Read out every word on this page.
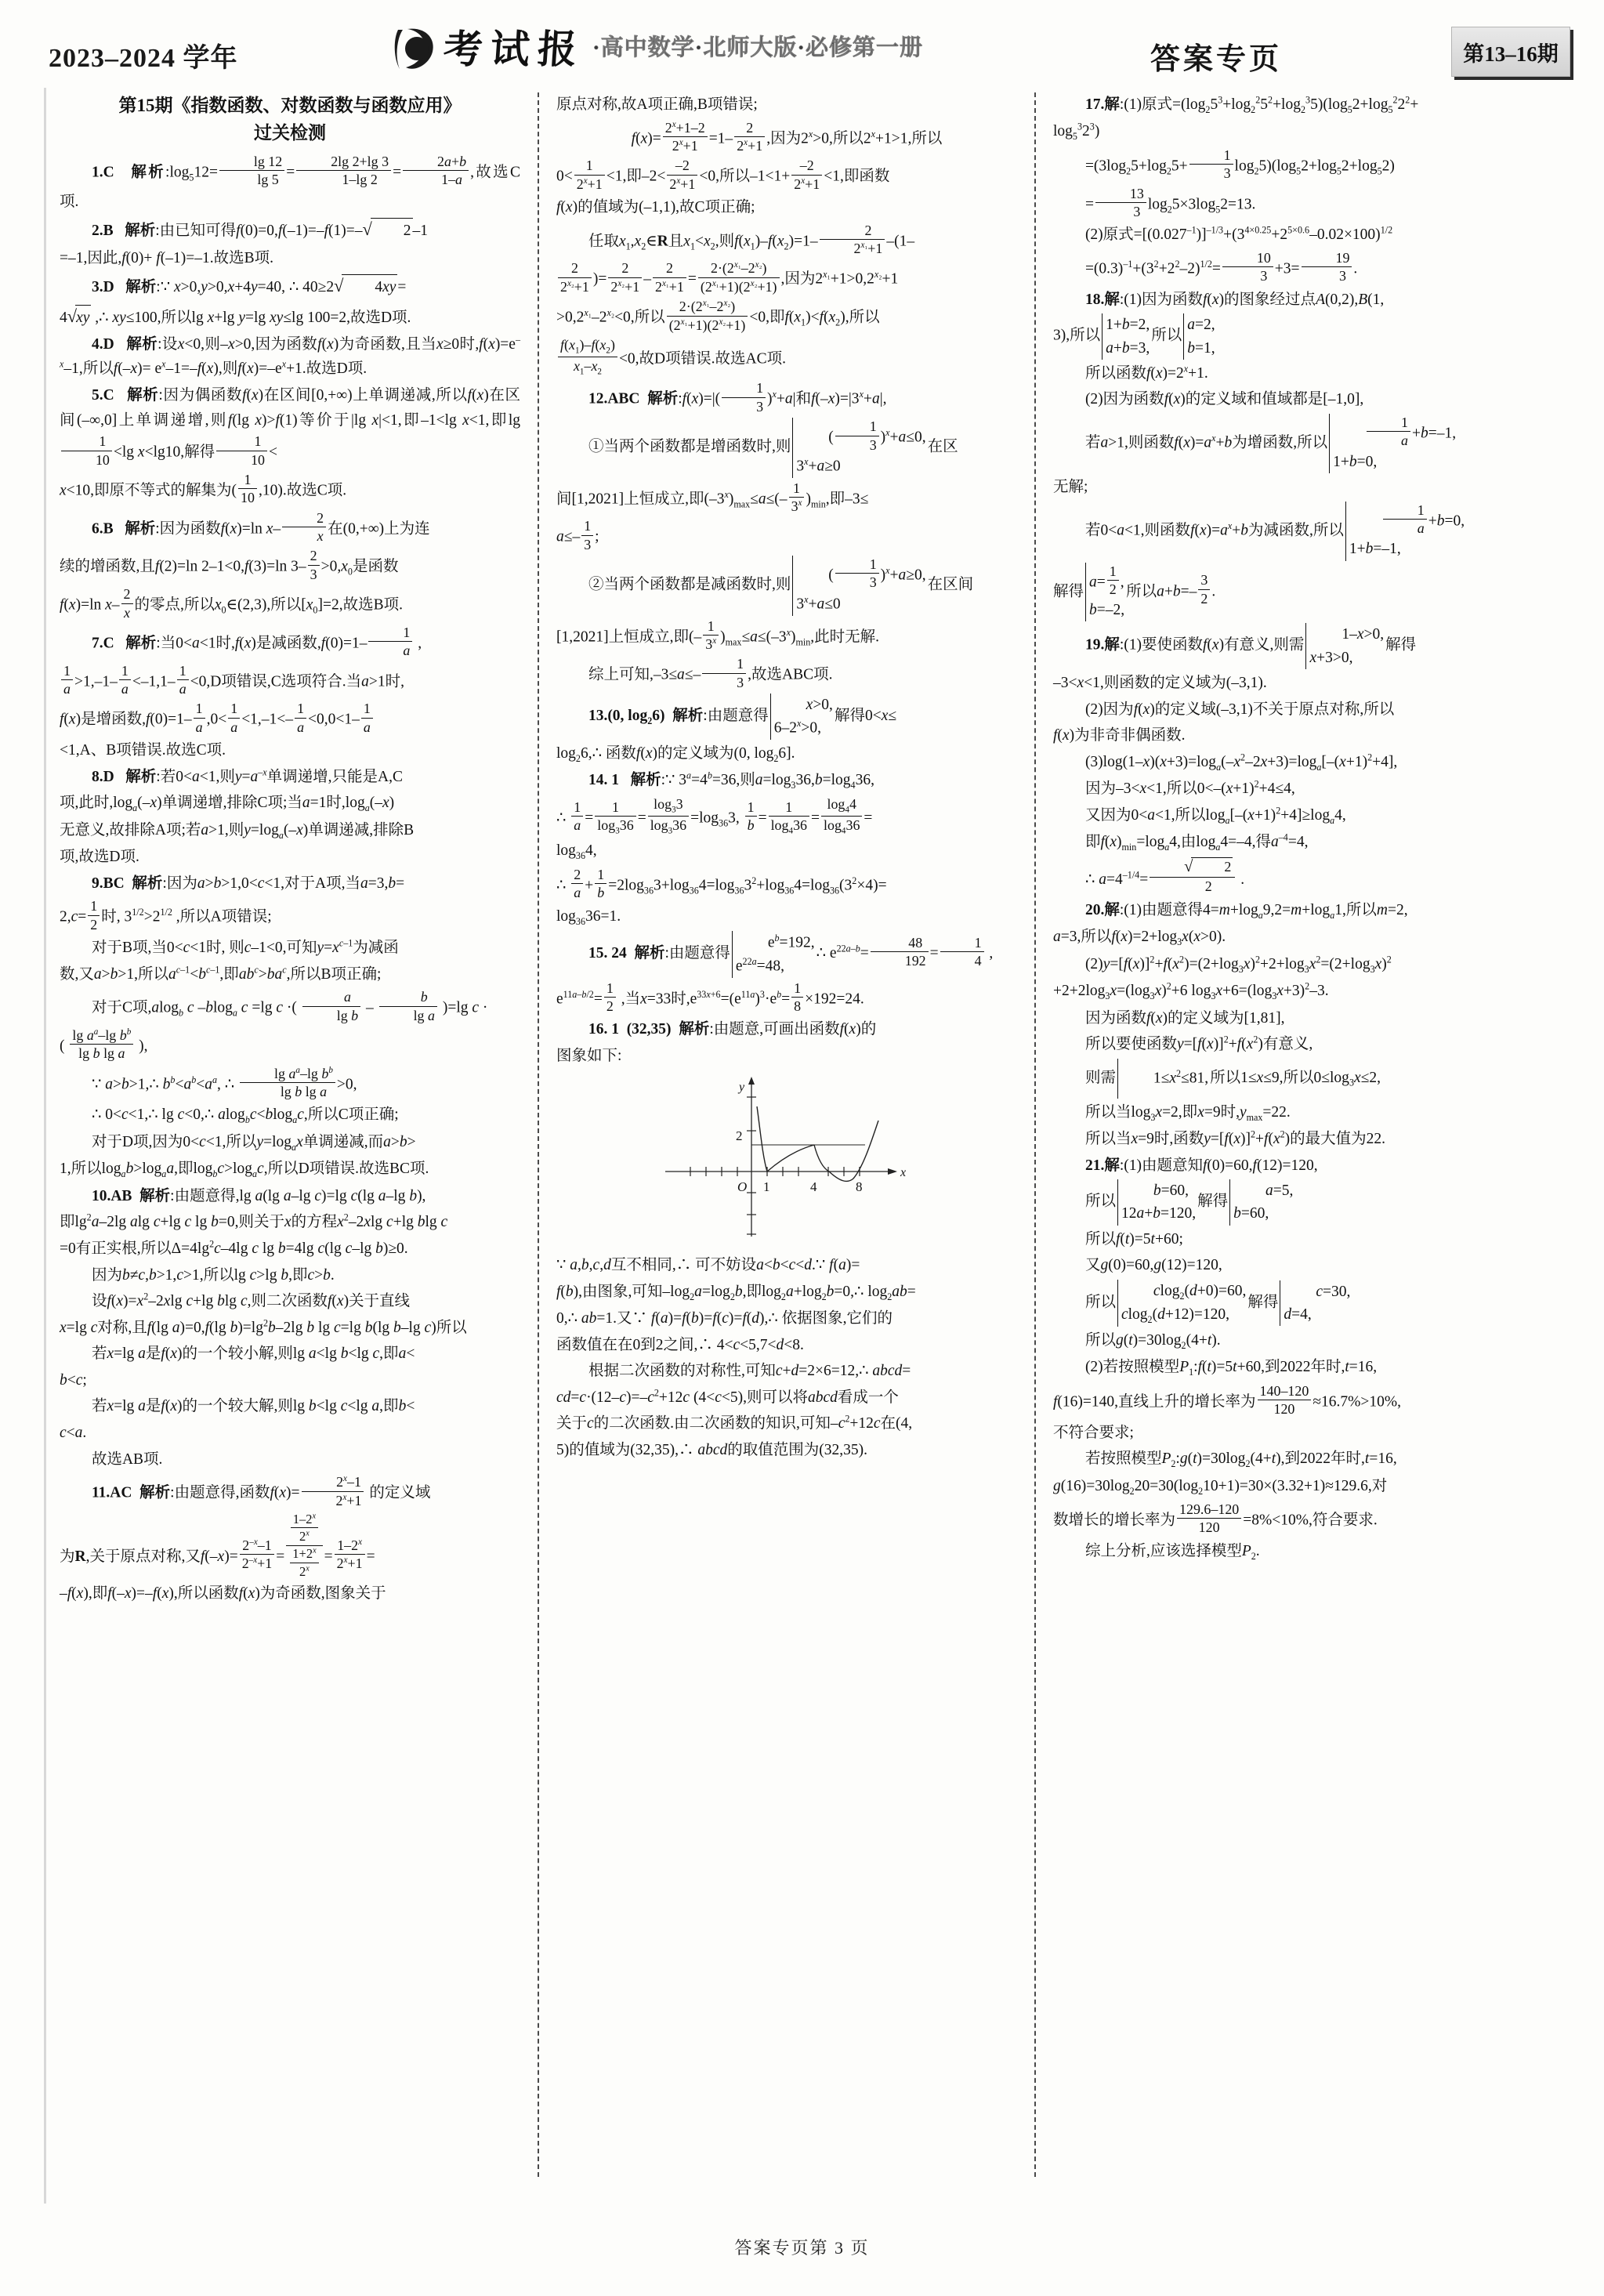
2023–2024 学年	考试报 ·高中数学·北师大版·必修第一册	答案专页	第13–16期
第15期《指数函数、对数函数与函数应用》
过关检测

1.C 解析$:\log_512= \frac{\lg 12}{\lg 5} = \frac{2\lg 2+\lg 3}{1-\lg 2} = \frac{2a+b}{1-a}$ ,故选C项.

2.B 解析:由已知可得f(0)=0,f(–1)=–f(1)=–√ 2 –1

=–1,因此,f(0)+ f(–1)=–1.故选B项.

3.D 解析:∵ x>0,y>0,x+4y=40, ∴ 40≥2√ 4xy =

4√xy ,∴ xy≤100,所以lg x+lg y=lg xy≤lg 100=2,故选D项.

4.D 解析:设x<0,则–x>0,因为函数f(x)为奇函数,且当x≥0时$,f(x)=e^{-x}-1$,所以$f(-x)= e^x-1=-f(x)$,则$f(x)=-e^x+1$.故选D项.

5.C 解析:因为偶函数f(x)在区间[0,+∞)上单调递减,所以f(x)在区间(–∞,0]上单调递增,则f(lg x)>f(1)等价于|lg x|<1,即–1<lg x<1,即lg
$\frac{1}{10} <\lg$ x<lg10,解得 $\frac{1}{10}$ <

x<10,即原不等式的解集为( $\frac{1}{10} ,10$).故选C项.

6.B 解析:因为函数f(x)=ln $x- \frac{2}{x}$ 在(0,+∞)上为连

续的增函数,且f(2)=ln 2–1<0,f(3)=ln $3- \frac{2}{3} >0,x_0$是函数

f(x)=ln $x- \frac{2}{x}$ 的零点,所以$x_0\in(2,3)$,所以$[x_0]=2$,故选B项.

7.C 解析:当0<a<1时,f(x)是减函数$,f(0)=1- \frac{1}{a}$ ,

$\frac{1}{a} >1,-1- \frac{1}{a} <-1,1- \frac{1}{a} <0,D$项错误,C选项符合.当a>1时,

f(x)是增函数$,f(0)=1- \frac{1}{a} ,0< \frac{1}{a} <1,-1<- \frac{1}{a} <0,0<1- \frac{1}{a}$

<1,A、B项错误.故选C项.

8.D 解析:若0<a<1,则$y=a^{-x}$单调递增,只能是A,C

项,此时$,\log_a(-x)$单调递增,排除C项;当a=1时$,\log_a(-x)$

无意义,故排除A项;若a>1,则$y=\log_a(-x)$单调递减,排除B

项,故选D项.

9.BC 解析:因为a>b>1,0<c<1,对于A项,当a=3,b=

$2,c= \frac{1}{2}$ 时, $3^{1/2}>2^{1/2}$ ,所以A项错误;

对于B项,当0<c<1时, 则c–1<0,可知$y=x^{c-1}$为减函

数,又a>b>1,所以$a^{c-1}<b^{c-1}$,即$ab^c>ba^c$,所以B项正确;

对于C项,alog$_b$ c –blog$_a$ c =lg c ·( $\frac{a}{\text{lg b}} - \frac{b}{\text{lg a}} )=\lg$ c ·

( $\frac{\lg a^a-\lg b^b}{\text{lg b lg a}}$ ),

∵ a>b>1,∴ $b^b<a^b<a^a$, ∴ $\frac{\lg a^a-\lg b^b}{\text{lg b lg a}} >0$,

∴ 0<c<1,∴ lg c<0,∴ alog$_b$c<blog$_a$c,所以C项正确;

对于D项,因为0<c<1,所以$y=\log_ax$单调递减,而a>b>

1,所以$\log_ab>\log_aa$,即$\log_bc>\log_ac$,所以D项错误.故选BC项.

10.AB 解析:由题意得,lg a(lg a–lg c)=lg c(lg a–lg b),

即$\lg^2a-2\lg$ alg c+lg c lg b=0,则关于x的方程$x^2-2xlg$ c+lg blg c

=0有正实根,所以$\Delta=4\lg^2c-4\lg$ c lg b=4lg c(lg c–lg b)≥0.

因为b≠c,b>1,c>1,所以lg c>lg b,即c>b.

设$f(x)=x^2-2xlg$ c+lg blg c,则二次函数f(x)关于直线

x=lg c对称,且f(lg a)=0,f(lg $b)=\lg^2b-2\lg$ b lg c=lg b(lg b–lg c)所以

若x=lg a是f(x)的一个较小解,则lg a<lg b<lg c,即a<

b<c;

若x=lg a是f(x)的一个较大解,则lg b<lg c<lg a,即b<

c<a.

故选AB项.

11.AC 解析:由题意得,函数$f(x)= \frac{2^x-1}{2^x+1}$ 的定义域

为R,关于原点对称,又$f(-x)= \frac{2^{-x}-1}{2^{-x}+1} = \frac{\frac{1-2^x}{2^x}}{\frac{1+2^x}{2^x}} = \frac{1-2^x}{2^x+1}$ =

–f(x),即f(–x)=–f(x),所以函数f(x)为奇函数,图象关于

原点对称,故A项正确,B项错误;

$f(x)= \frac{2^x+1-2}{2^x+1} =1- \frac{2}{2^x+1}$ ,因为$2^x>0$,所以$2^x+1>1$,所以

$0< \frac{1}{2^x+1} <1$,即$-2< \frac{-2}{2^x+1} <0$,所以$-1<1+ \frac{-2}{2^x+1} <1$,即函数

f(x)的值域为(–1,1),故C项正确;

任取$x_1,x_2\in R$且$x_1<x_2$,则$f(x_1)-f(x_2)=1- \frac{2}{2^{x_1}+1} -(1-$

$\frac{2}{2^{x_2}+1}$ )= $\frac{2}{2^{x_2}+1} - \frac{2}{2^{x_1}+1} = \frac{2\cdot(2^{x_1}-2^{x_2})}{(2^{x_1}+1)(2^{x_2}+1)}$ ,因为$2^{x_1}+1>0,2^{x_2}+1$

$>0,2^{x_1}-2^{x_2}<0$,所以 $\frac{2\cdot(2^{x_1}-2^{x_2})}{(2^{x_1}+1)(2^{x_2}+1)} <0$,即$f(x_1)<f(x_2)$,所以

$\frac{f(x_1)-f(x_2)}{x_1-x_2} <0$,故D项错误.故选AC项.

12.ABC 解析:f(x)=|( $\frac{1}{3} )^x+a|$和$f(-x)=|3^x+a|$,

①当两个函数都是增函数时,则
( $\frac{1}{3} )^x+a\le 0$,
$3^x+a\ge 0$
在区

间[1,2021]上恒成立,即$(-3^x)_{max}\le a\le(- \frac{1}{3^x} )_{min}$,即–3≤

$a\le- \frac{1}{3}$ ;

②当两个函数都是减函数时,则
( $\frac{1}{3} )^x+a\ge 0$,
$3^x+a\le 0$
在区间

[1,2021]上恒成立,即(– $\frac{1}{3^x} )_{max}\le a\le(-3^x)_{min}$,此时无解.

综上可知$,-3\le a\le- \frac{1}{3}$ ,故选ABC项.

13.(0, $\log_26$) 解析:由题意得
x>0,
$6-2^x>0$,
解得0<x≤

$\log_26,\therefore$ 函数f(x)的定义域为(0, $\log_26$].

14. 1 解析:∵ $3^a=4^b=36$,则$a=\log_336,b=\log_436$,

∴ $\frac{1}{a} = \frac{1}{\log_336} = \frac{\log_33}{\log_336} =\log_{36}3$, $\frac{1}{b} = \frac{1}{\log_436} = \frac{\log_44}{\log_436}$ =

$\log_{36}4$,

∴ $\frac{2}{a} + \frac{1}{b} =2\log_{36}3+\log_{36}4=\log_{36}3^2+\log_{36}4=\log_{36}(3^2\times 4)=$

$\log_{36}36=1$.

15. 24 解析:由题意得
$e^b=192$,
$e^{22a}=48$,
∴ $e^{22a-b}= \frac{48}{192} = \frac{1}{4}$ ,

$e^{11a-b/2}= \frac{1}{2}$ ,当x=33时$,e^{33x+6}=(e^{11a})^3\cdot e^b= \frac{1}{8} \times 192=24$.

16. 1 (32,35) 解析:由题意,可画出函数f(x)的

图象如下:

y
x
2
O 1	4	8

∵ a,b,c,d互不相同,∴ 可不妨设a<b<c<d.∵ f(a)=

f(b),由图象,可知$-\log_2a=\log_2b$,即$\log_2a+\log_2b=0,\therefore$ $\log_2ab=$

0,∴ ab=1.又∵ f(a)=f(b)=f(c)=f(d),∴ 依据图象,它们的

函数值在在0到2之间,∴ 4<c<5,7<d<8.

根据二次函数的对称性,可知c+d=2×6=12,∴ abcd=

$cd=c\cdot(12-c)=-c^2+12c$ (4<c<5),则可以将abcd看成一个

关于c的二次函数.由二次函数的知识,可知$-c^2+12c$在(4,

5)的值域为(32,35),∴ abcd的取值范围为(32,35).

17.解:(1)原式$=(\log_25^3+\log_2^25^2+\log_2^35)(\log_52+\log_5^22^2+$

$\log_5^32^3$)

$=(3\log_25+\log_25+ \frac{1}{3} \log_25)(\log_52+\log_52+\log_52)$

= $\frac{13}{3} \log_25\times 3\log_52=13$.

(2)原式$=[(0.027^{-1})]^{-1/3}+(3^{4\times 0.25}+2^{5\times 0.6}-0.02\times 100)^{1/2}$

$=(0.3)^{-1}+(3^2+2^2-2)^{1/2}= \frac{10}{3} +3= \frac{19}{3}$ .

18.解:(1)因为函数f(x)的图象经过点A(0,2),B(1,

3),所以
1+b=2,
a+b=3,
所以
a=2,
b=1,

所以函数$f(x)=2^x+1$.

(2)因为函数f(x)的定义域和值域都是[–1,0],

若a>1,则函数$f(x)=a^x+b$为增函数,所以	$\frac{1}{a} +b=-1$,
1+b=0,

无解;

若0<a<1,则函数$f(x)=a^x+b$为减函数,所以	$\frac{1}{a} +b=0$,
1+b=–1,

解得
$a= \frac{1}{2}$ ,
b=–2,
所以$a+b=- \frac{3}{2}$ .

19.解:(1)要使函数f(x)有意义,则需
1–x>0,
x+3>0,
解得

–3<x<1,则函数的定义域为(–3,1).

(2)因为f(x)的定义域(–3,1)不关于原点对称,所以

f(x)为非奇非偶函数.

$(3)\log(1-x)(x+3)=\log_a(-x^2-2x+3)=\log_a[-(x+1)^2+4]$,

因为–3<x<1,所以$0<-(x+1)^2+4\le 4$,

又因为0<a<1,所以$\log_a[-(x+1)^2+4]\ge\log_a4$,

即$f(x)_{min}=\log_a4$,由$\log_a4=-4$,得$a^{-4}=4$,

∴ $a=4^{-1/4}= \frac{√ 2}{2}$ .

20.解:(1)由题意得$4=m+\log_a9,2=m+\log_a1$,所以m=2,

a=3,所以$f(x)=2+\log_3x(x>0)$.

$(2)y=[f(x)]^2+f(x^2)=(2+\log_3x)^2+2+\log_3x^2=(2+\log_3x)^2$

$+2+2\log_3x=(\log_3x)^2+6$ $\log_3x+6=(\log_3x+3)^2-3$.

因为函数f(x)的定义域为[1,81],

所以要使函数$y=[f(x)]^2+f(x^2)$有意义,

则需	$1\le x^2\le 81$, 所以1≤x≤9,所以$0\le\log_3x\le 2$,

所以当$\log_3x=2$,即x=9时$,y_{max}=22$.

所以当x=9时,函数$y=[f(x)]^2+f(x^2)$的最大值为22.

21.解:(1)由题意知f(0)=60,f(12)=120,

所以
b=60,
12a+b=120,
解得
a=5,
b=60,

所以f(t)=5t+60;

又g(0)=60,g(12)=120,

所以
clog$_2$(d+0)=60,
clog$_2$(d+12)=120,
解得
c=30,
d=4,

所以$g(t)=30\log_2(4+t)$.

(2)若按照模型$P_1:f(t)=5t+60$,到2022年时,t=16,

f(16)=140,直线上升的增长率为 $\frac{140-120}{120} \approx 16.7\%>10\%$,

不符合要求;

若按照模型$P_2:g(t)=30\log_2(4+t)$,到2022年时,t=16,

$g(16)=30\log_220=30(\log_210+1)=30\times(3.32+1)\approx 129.6$,对

数增长的增长率为 $\frac{129.6-120}{120} =8\%<10\%$,符合要求.

综上分析,应该选择模型$P_2$.

答案专页第 3 页
